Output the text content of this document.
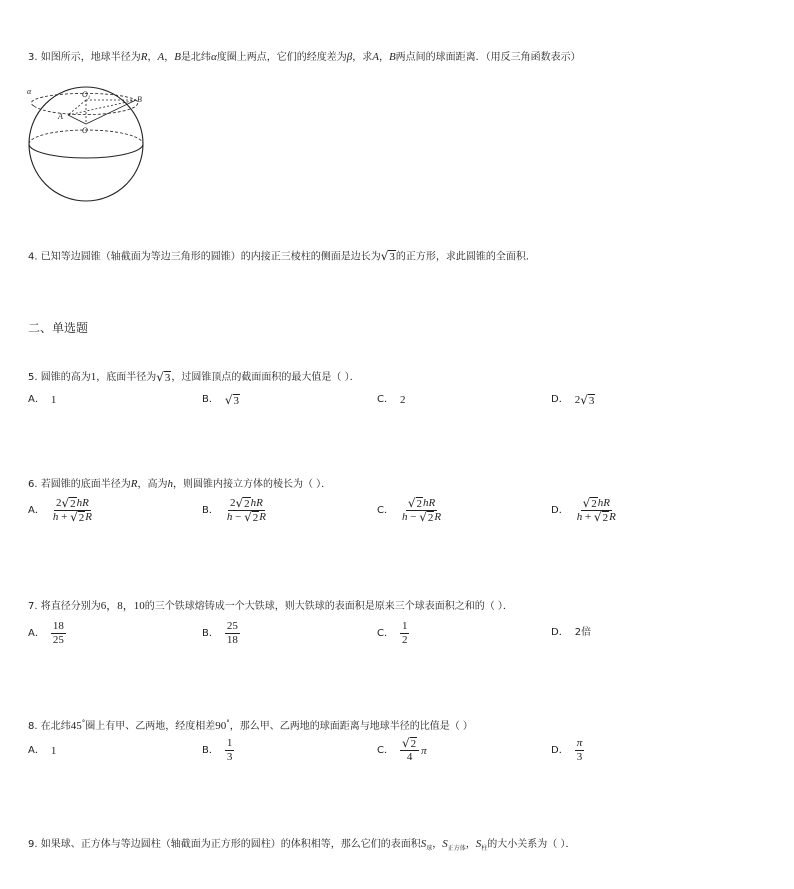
3. 如图所示，地球半径为R，A，B是北纬α度圈上两点，它们的经度差为β，求A，B两点间的球面距离．（用反三角函数表示）
α	$O_1$	B
A
O
4. 已知等边圆锥（轴截面为等边三角形的圆锥）的内接正三棱柱的侧面是边长为 √ 3 的正方形，求此圆锥的全面积．
二、单选题
5. 圆锥的高为1，底面半径为 √ 3 ，过圆锥顶点的截面面积的最大值是（ ）．
A． 1	B． √ 3	C． 2	D． 2 √ 3
6. 若圆锥的底面半径为R，高为h，则圆锥内接立方体的棱长为（ ）．
A． $\frac{2 √ 2 hR}{h + √ 2 R}$	B． $\frac{2 √ 2 hR}{h - √ 2 R}$	C． $\frac{√ 2 hR}{h - √ 2 R}$	D． $\frac{√ 2 hR}{h + √ 2 R}$
7. 将直径分别为6，8，10的三个铁球熔铸成一个大铁球，则大铁球的表面积是原来三个球表面积之和的（ ）．
A． $\frac{18}{25}$	B． $\frac{25}{18}$	C． $\frac{1}{2}$	D． 2倍
8. 在北纬45°圈上有甲、乙两地，经度相差90°，那么甲、乙两地的球面距离与地球半径的比值是（ ）
A． 1	B． $\frac{1}{3}$	C． $\frac{√ 2}{4}$ π	D． $\frac{\pi}{3}$
9. 如果球、正方体与等边圆柱（轴截面为正方形的圆柱）的体积相等，那么它们的表面积$S_球$，$S_{正方体}$，$S_柱$的大小关系为（ ）．
